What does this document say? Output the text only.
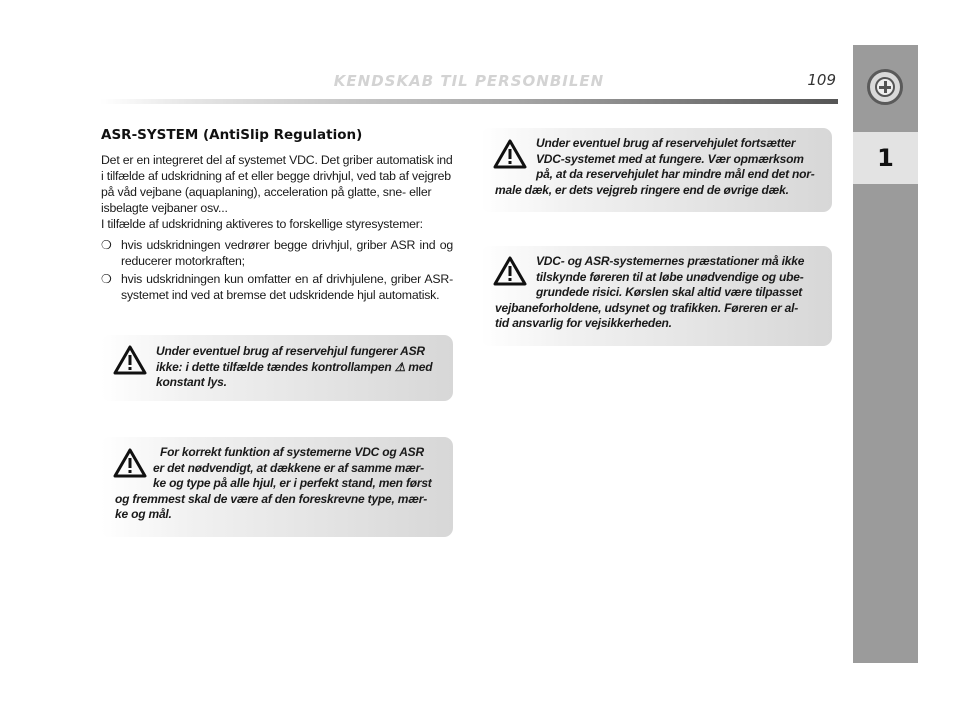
KENDSKAB TIL PERSONBILEN	109
1
ASR-SYSTEM (AntiSlip Regulation)

Det er en integreret del af systemet VDC. Det griber automatisk ind
i tilfælde af udskridning af et eller begge drivhjul, ved tab af vejgreb
på våd vejbane (aquaplaning), acceleration på glatte, sne- eller
isbelagte vejbaner osv...
I tilfælde af udskridning aktiveres to forskellige styresystemer:

❍ hvis udskridningen vedrører begge drivhjul, griber ASR ind og reducerer motorkraften;
❍ hvis udskridningen kun omfatter en af drivhjulene, griber ASR-systemet ind ved at bremse det udskridende hjul automatisk.

Under eventuel brug af reservehjul fungerer ASR
ikke: i dette tilfælde tændes kontrollampen ⚠ med
konstant lys.

For korrekt funktion af systemerne VDC og ASR
er det nødvendigt, at dækkene er af samme mær-
ke og type på alle hjul, er i perfekt stand, men først
og fremmest skal de være af den foreskrevne type, mær-
ke og mål.

Under eventuel brug af reservehjulet fortsætter
VDC-systemet med at fungere. Vær opmærksom
på, at da reservehjulet har mindre mål end det nor-
male dæk, er dets vejgreb ringere end de øvrige dæk.

VDC- og ASR-systemernes præstationer må ikke
tilskynde føreren til at løbe unødvendige og ube-
grundede risici. Kørslen skal altid være tilpasset
vejbaneforholdene, udsynet og trafikken. Føreren er al-
tid ansvarlig for vejsikkerheden.
